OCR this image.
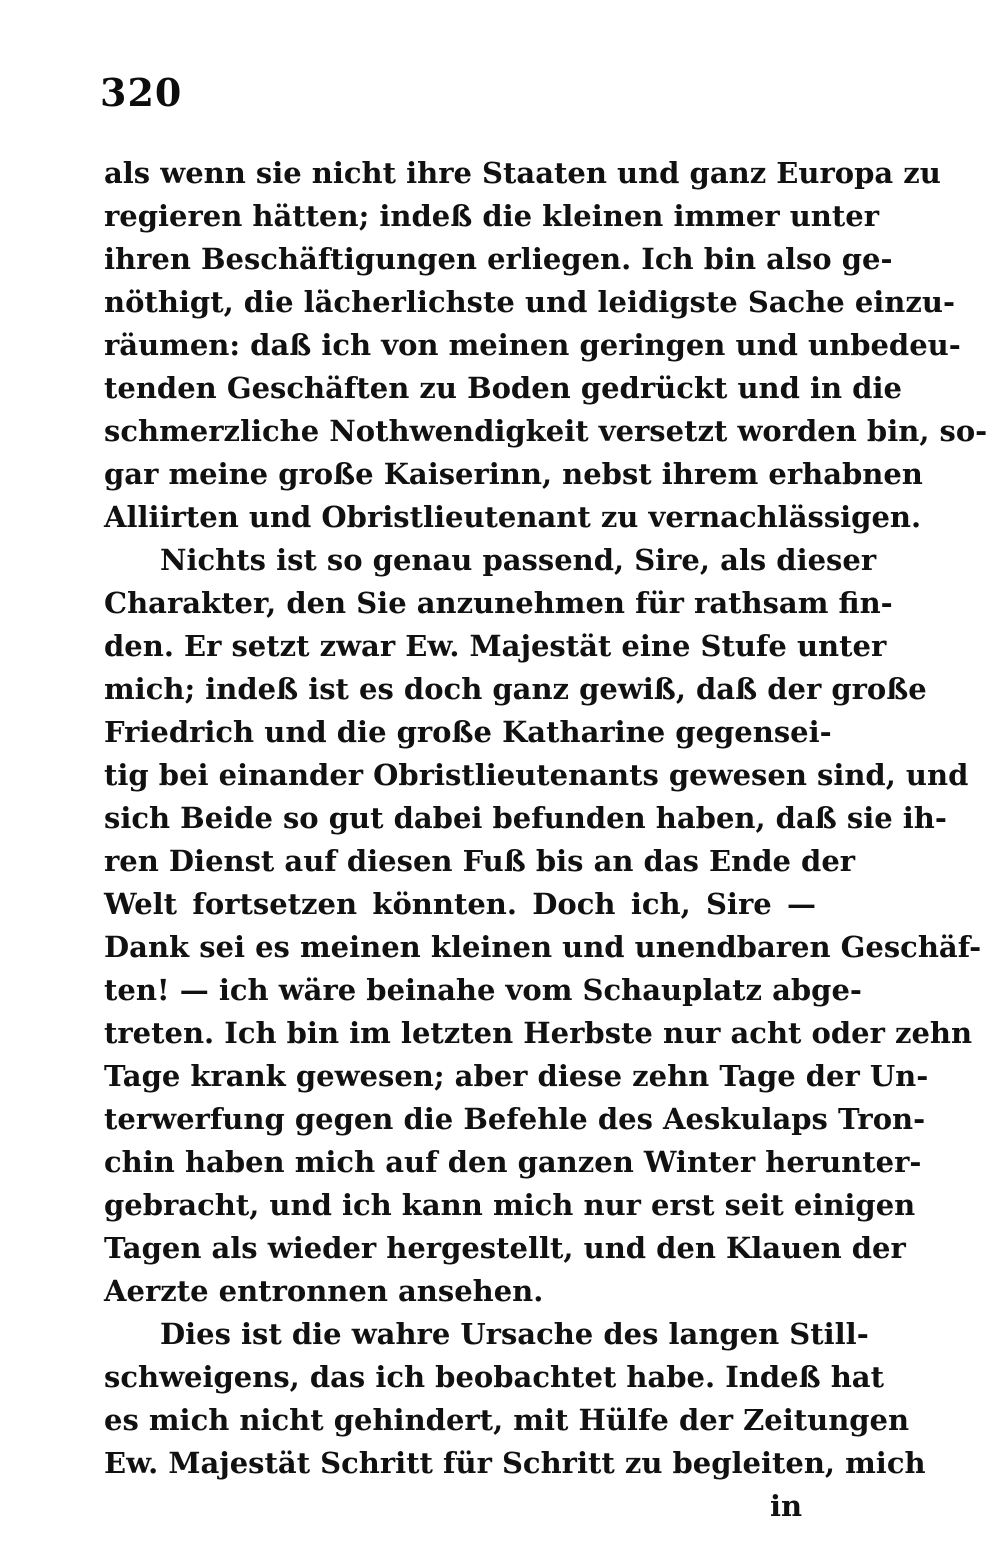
320
als wenn sie nicht ihre Staaten und ganz Europa zu
regieren hätten; indeß die kleinen immer unter
ihren Beschäftigungen erliegen. Ich bin also ge-
nöthigt, die lächerlichste und leidigste Sache einzu-
räumen: daß ich von meinen geringen und unbedeu-
tenden Geschäften zu Boden gedrückt und in die
schmerzliche Nothwendigkeit versetzt worden bin, so-
gar meine große Kaiserinn, nebst ihrem erhabnen
Alliirten und Obristlieutenant zu vernachlässigen.
Nichts ist so genau passend, Sire, als dieser
Charakter, den Sie anzunehmen für rathsam fin-
den. Er setzt zwar Ew. Majestät eine Stufe unter
mich; indeß ist es doch ganz gewiß, daß der große
Friedrich und die große Katharine gegensei-
tig bei einander Obristlieutenants gewesen sind, und
sich Beide so gut dabei befunden haben, daß sie ih-
ren Dienst auf diesen Fuß bis an das Ende der
Welt fortsetzen könnten. Doch ich, Sire —
Dank sei es meinen kleinen und unendbaren Geschäf-
ten! — ich wäre beinahe vom Schauplatz abge-
treten. Ich bin im letzten Herbste nur acht oder zehn
Tage krank gewesen; aber diese zehn Tage der Un-
terwerfung gegen die Befehle des Aeskulaps Tron-
chin haben mich auf den ganzen Winter herunter-
gebracht, und ich kann mich nur erst seit einigen
Tagen als wieder hergestellt, und den Klauen der
Aerzte entronnen ansehen.
Dies ist die wahre Ursache des langen Still-
schweigens, das ich beobachtet habe. Indeß hat
es mich nicht gehindert, mit Hülfe der Zeitungen
Ew. Majestät Schritt für Schritt zu begleiten, mich
in
